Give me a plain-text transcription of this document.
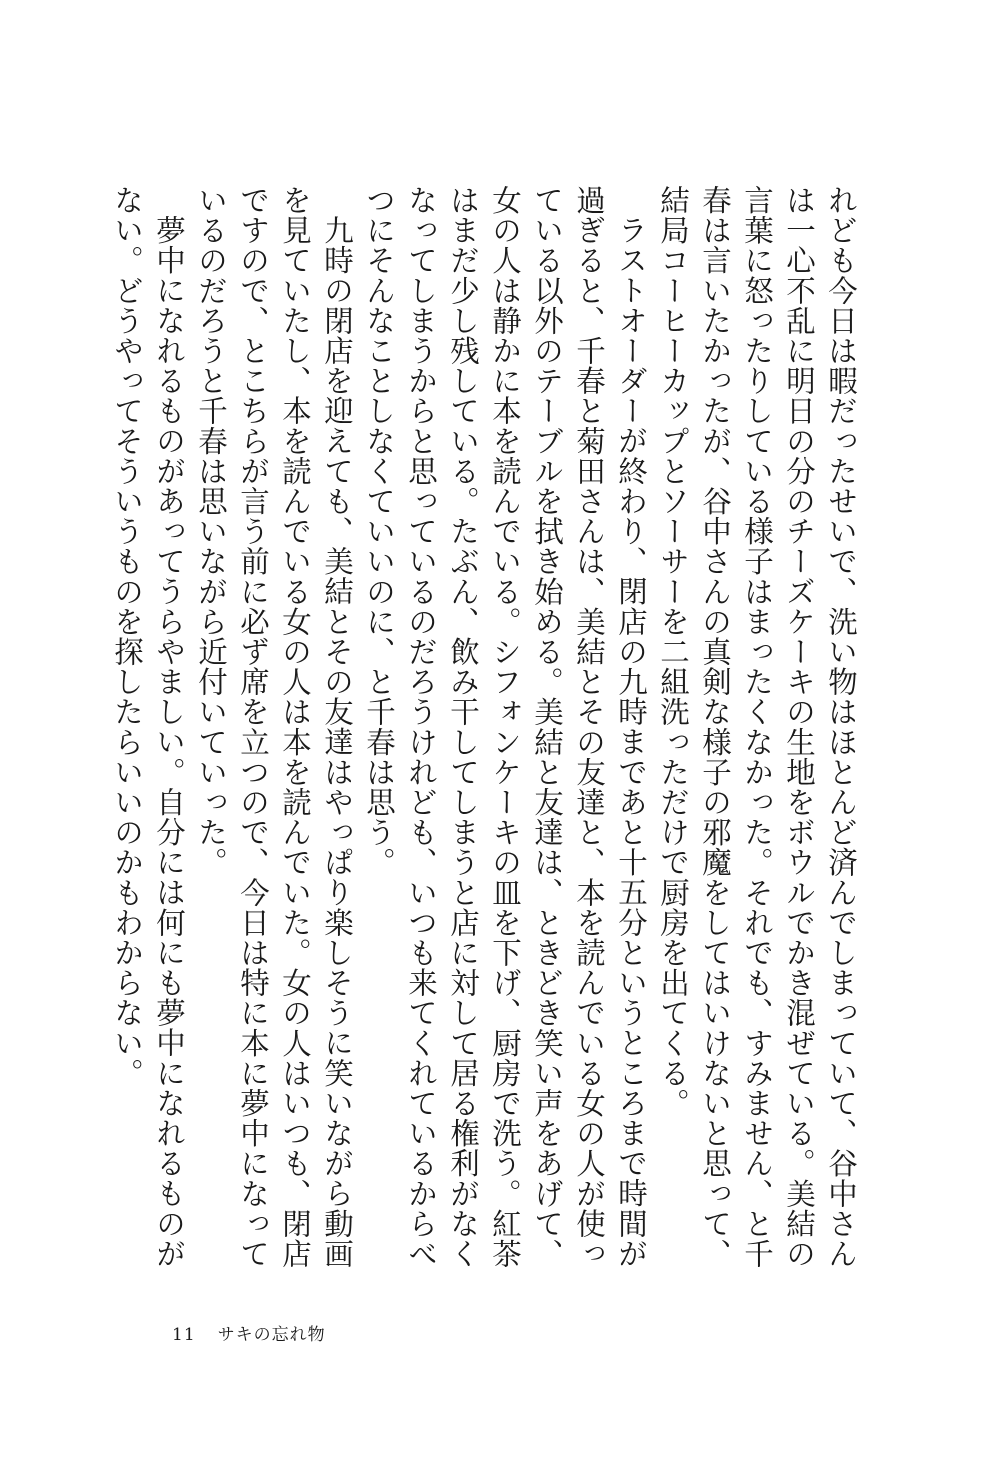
れども今日は暇だったせいで、洗い物はほとんど済んでしまっていて、谷中さんは一心不乱に明日の分のチーズケーキの生地をボウルでかき混ぜている。美結の言葉に怒ったりしている様子はまったくなかった。それでも、すみません、と千春は言いたかったが、谷中さんの真剣な様子の邪魔をしてはいけないと思って、結局コーヒーカップとソーサーを二組洗っただけで厨房を出てくる。

ラストオーダーが終わり、閉店の九時まであと十五分というところまで時間が過ぎると、千春と菊田さんは、美結とその友達と、本を読んでいる女の人が使っている以外のテーブルを拭き始める。美結と友達は、ときどき笑い声をあげて、女の人は静かに本を読んでいる。シフォンケーキの皿を下げ、厨房で洗う。紅茶はまだ少し残している。たぶん、飲み干してしまうと店に対して居る権利がなくなってしまうからと思っているのだろうけれども、いつも来てくれているからべつにそんなことしなくていいのに、と千春は思う。

九時の閉店を迎えても、美結とその友達はやっぱり楽しそうに笑いながら動画を見ていたし、本を読んでいる女の人は本を読んでいた。女の人はいつも、閉店ですので、とこちらが言う前に必ず席を立つので、今日は特に本に夢中になっているのだろうと千春は思いながら近付いていった。

夢中になれるものがあってうらやましい。自分には何にも夢中になれるものがない。どうやってそういうものを探したらいいのかもわからない。

11 サキの忘れ物
